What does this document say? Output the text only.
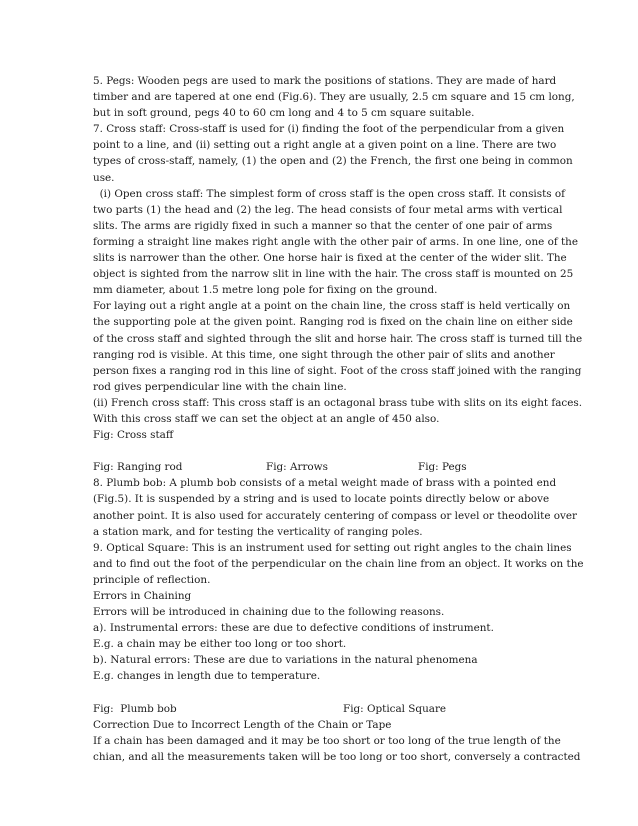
5. Pegs: Wooden pegs are used to mark the positions of stations. They are made of hard
timber and are tapered at one end (Fig.6). They are usually, 2.5 cm square and 15 cm long,
but in soft ground, pegs 40 to 60 cm long and 4 to 5 cm square suitable.
7. Cross staff: Cross-staff is used for (i) finding the foot of the perpendicular from a given
point to a line, and (ii) setting out a right angle at a given point on a line. There are two
types of cross-staff, namely, (1) the open and (2) the French, the first one being in common
use.
(i) Open cross staff: The simplest form of cross staff is the open cross staff. It consists of
two parts (1) the head and (2) the leg. The head consists of four metal arms with vertical
slits. The arms are rigidly fixed in such a manner so that the center of one pair of arms
forming a straight line makes right angle with the other pair of arms. In one line, one of the
slits is narrower than the other. One horse hair is fixed at the center of the wider slit. The
object is sighted from the narrow slit in line with the hair. The cross staff is mounted on 25
mm diameter, about 1.5 metre long pole for fixing on the ground.
For laying out a right angle at a point on the chain line, the cross staff is held vertically on
the supporting pole at the given point. Ranging rod is fixed on the chain line on either side
of the cross staff and sighted through the slit and horse hair. The cross staff is turned till the
ranging rod is visible. At this time, one sight through the other pair of slits and another
person fixes a ranging rod in this line of sight. Foot of the cross staff joined with the ranging
rod gives perpendicular line with the chain line.
(ii) French cross staff: This cross staff is an octagonal brass tube with slits on its eight faces.
With this cross staff we can set the object at an angle of 450 also.
Fig: Cross staff

Fig: Ranging rod

	Fig: Arrows

	Fig: Pegs

8. Plumb bob: A plumb bob consists of a metal weight made of brass with a pointed end
(Fig.5). It is suspended by a string and is used to locate points directly below or above
another point. It is also used for accurately centering of compass or level or theodolite over
a station mark, and for testing the verticality of ranging poles.
9. Optical Square: This is an instrument used for setting out right angles to the chain lines
and to find out the foot of the perpendicular on the chain line from an object. It works on the
principle of reflection.
Errors in Chaining
Errors will be introduced in chaining due to the following reasons.
a). Instrumental errors: these are due to defective conditions of instrument.
E.g. a chain may be either too long or too short.
b). Natural errors: These are due to variations in the natural phenomena
E.g. changes in length due to temperature.

Fig:  Plumb bob

	Fig: Optical Square

Correction Due to Incorrect Length of the Chain or Tape
If a chain has been damaged and it may be too short or too long of the true length of the
chian, and all the measurements taken will be too long or too short, conversely a contracted
